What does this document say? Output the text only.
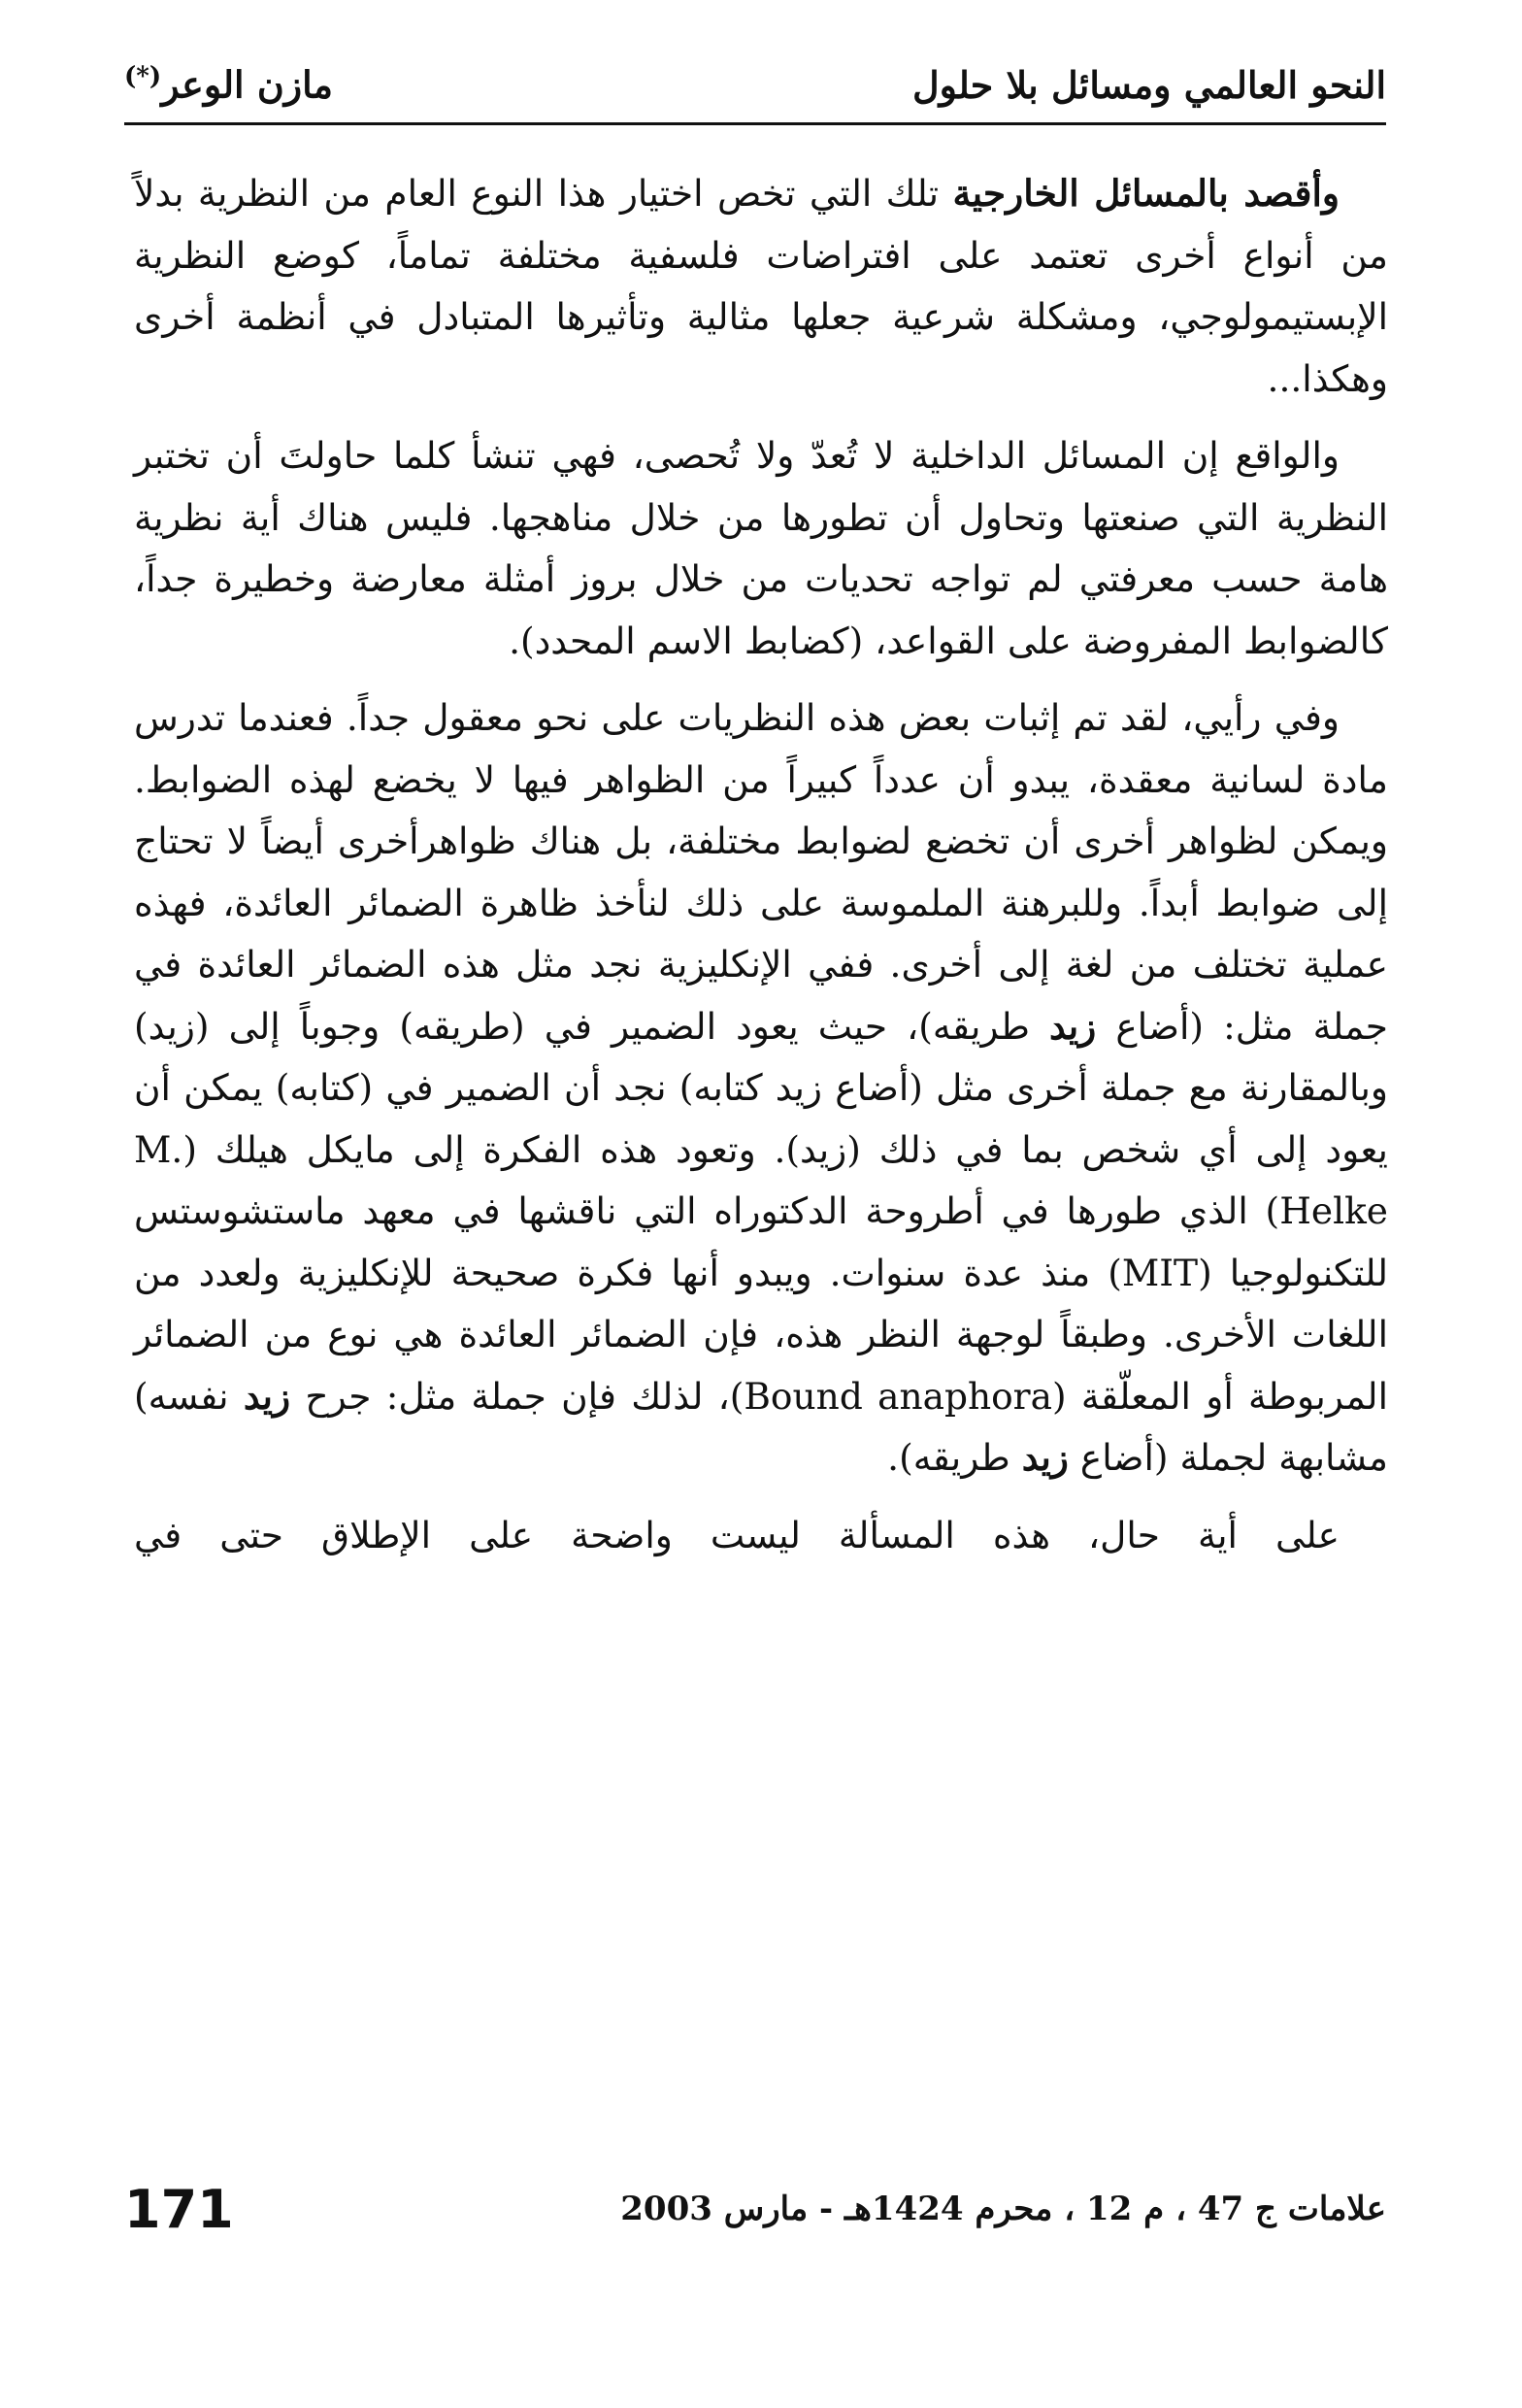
النحو العالمي ومسائل بلا حلول
مازن الوعر(*)

وأقصد بالمسائل الخارجية تلك التي تخص اختيار هذا النوع العام من النظرية بدلاً من أنواع أخرى تعتمد على افتراضات فلسفية مختلفة تماماً، كوضع النظرية الإبستيمولوجي، ومشكلة شرعية جعلها مثالية وتأثيرها المتبادل في أنظمة أخرى وهكذا...

والواقع إن المسائل الداخلية لا تُعدّ ولا تُحصى، فهي تنشأ كلما حاولتَ أن تختبر النظرية التي صنعتها وتحاول أن تطورها من خلال مناهجها. فليس هناك أية نظرية هامة حسب معرفتي لم تواجه تحديات من خلال بروز أمثلة معارضة وخطيرة جداً، كالضوابط المفروضة على القواعد، (كضابط الاسم المحدد).

وفي رأيي، لقد تم إثبات بعض هذه النظريات على نحو معقول جداً. فعندما تدرس مادة لسانية معقدة، يبدو أن عدداً كبيراً من الظواهر فيها لا يخضع لهذه الضوابط. ويمكن لظواهر أخرى أن تخضع لضوابط مختلفة، بل هناك ظواهرأخرى أيضاً لا تحتاج إلى ضوابط أبداً. وللبرهنة الملموسة على ذلك لنأخذ ظاهرة الضمائر العائدة، فهذه عملية تختلف من لغة إلى أخرى. ففي الإنكليزية نجد مثل هذه الضمائر العائدة في جملة مثل: (أضاع زيد طريقه)، حيث يعود الضمير في (طريقه) وجوباً إلى (زيد) وبالمقارنة مع جملة أخرى مثل (أضاع زيد كتابه) نجد أن الضمير في (كتابه) يمكن أن يعود إلى أي شخص بما في ذلك (زيد). وتعود هذه الفكرة إلى مايكل هيلك (M. Helke) الذي طورها في أطروحة الدكتوراه التي ناقشها في معهد ماستشوستس للتكنولوجيا (MIT) منذ عدة سنوات. ويبدو أنها فكرة صحيحة للإنكليزية ولعدد من اللغات الأخرى. وطبقاً لوجهة النظر هذه، فإن الضمائر العائدة هي نوع من الضمائر المربوطة أو المعلّقة (Bound anaphora)، لذلك فإن جملة مثل: جرح زيد نفسه) مشابهة لجملة (أضاع زيد طريقه).

على أية حال، هذه المسألة ليست واضحة على الإطلاق حتى في

171	علامات ج 47 ، م 12 ، محرم 1424هـ - مارس 2003
